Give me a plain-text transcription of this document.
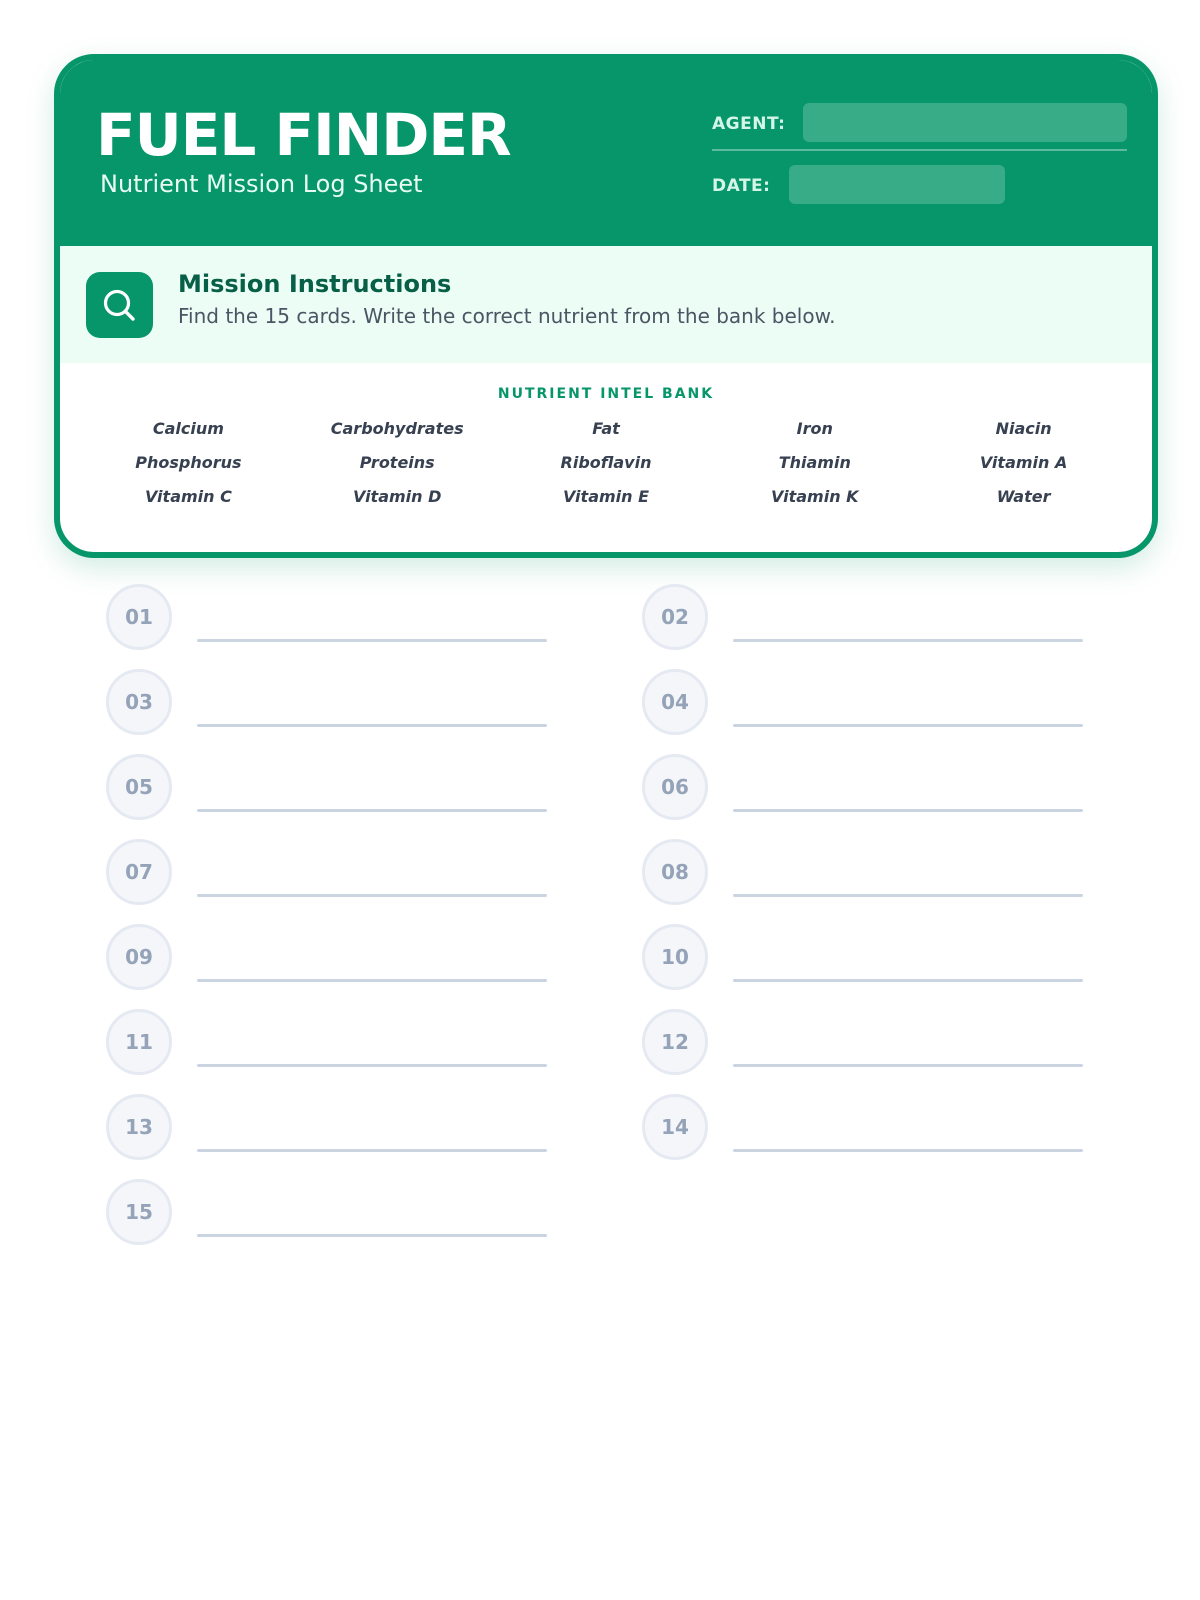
FUEL FINDER
Nutrient Mission Log Sheet
AGENT:
DATE:
Mission Instructions
Find the 15 cards. Write the correct nutrient from the bank below.
NUTRIENT INTEL BANK
Calcium	Carbohydrates	Fat	Iron	Niacin
Phosphorus	Proteins	Riboflavin	Thiamin	Vitamin A
Vitamin C	Vitamin D	Vitamin E	Vitamin K	Water
01	02
03	04
05	06
07	08
09	10
11	12
13	14
15
